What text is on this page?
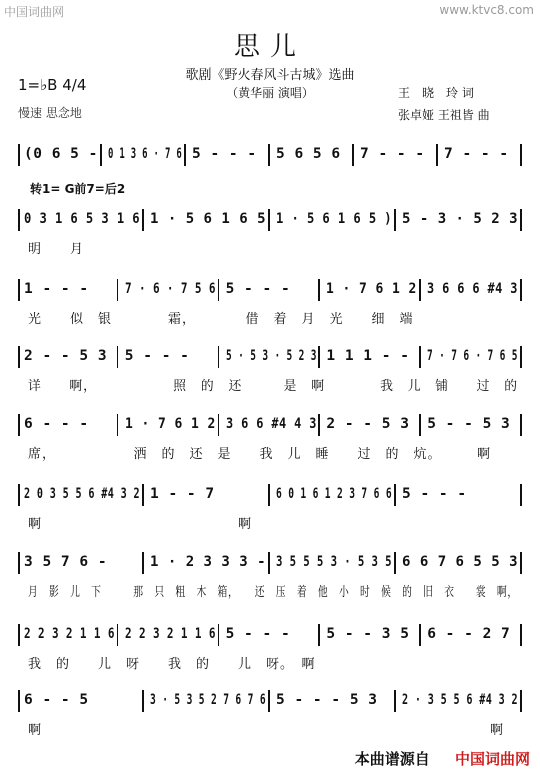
中国词曲网	www.ktvc8.com
思儿
歌剧《野火春风斗古城》选曲
（黄华丽 演唱）
1=♭B 4/4
慢速 思念地
王　晓　玲 词
张卓娅 王祖皆 曲
转1= G前7=后2
(0 6 5 - 0 1 3 6 · 7 6 5 - - - 5 6 5 6 7 - - - 7 - - -
0 3 1 6 5 3 1 6 1 · 5 6 1 6 5 1 · 5 6 1 6 5 ) 5 - 3 · 5 2 3
明　　月
1 - - - 7 · 6 · 7 5 6 5 - - - 1 · 7 6 1 2 3 6 6 6 #4 3
光　　似　银　　　　霜，　　　　借　着　月　光　　细　端
2 - - 5 3 5 - - - 5 · 5 3 · 5 2 3 1 1 1 - - 7 · 7 6 · 7 6 5
详　　啊，　　　　　　照　的　还　　　是　啊　　　　我　儿　铺　　过　的
6 - - - 1 · 7 6 1 2 3 6 6 #4 4 3 2 - - 5 3 5 - - 5 3
席，　　　　　　洒　的　还　是　　我　儿　睡　　过　的　炕。　　　啊
2 0 3 5 5 6 #4 3 2 1 - - 7	6 0 1 6 1 2 3 7 6 6 5 - - -
啊　　　　　　　　　　　　　　啊
3 5 7 6 -	1 · 2 3 3 3 - 3 5 5 5 3 · 5 3 5 6 6 7 6 5 5 3
月　影　儿　下　　　那　只　粗　木　箱，　　还　压　着　他　小　时　候　的　旧　衣　　裳　啊，
2 2 3 2 1 1 6 2 2 3 2 1 1 6 5 - - - 5 - - 3 5 6 - - 2 7
我　的　　儿　呀　　我　的　　儿　呀。　啊
6 - - 5	3 · 5 3 5 2 7 6 7 6 5 - - - 5 3 2 · 3 5 5 6 #4 3 2
啊　　　　　　　　　　　　　　　　　　　　　　　　　　　　　　　　啊
本曲谱源自 中国词曲网
